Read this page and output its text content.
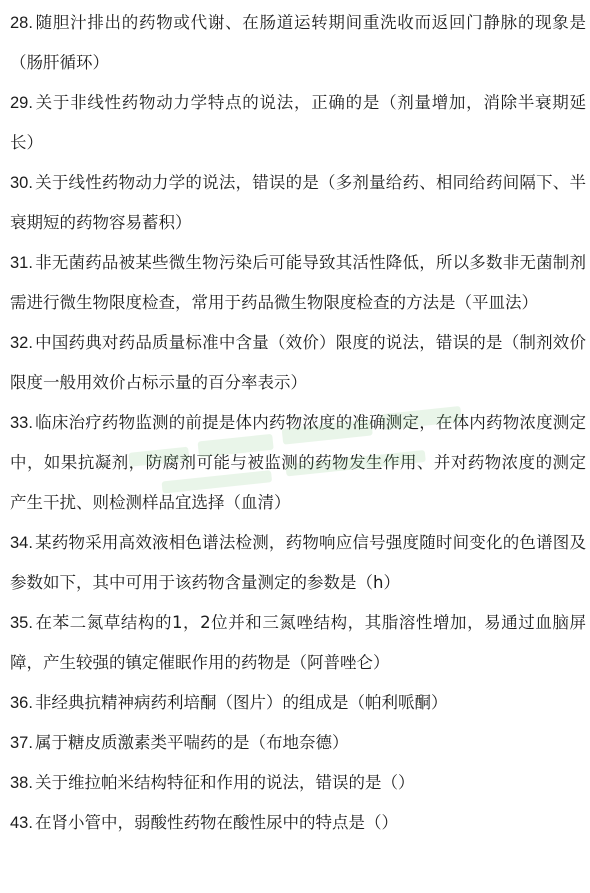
28. 随胆汁排出的药物或代谢、在肠道运转期间重洗收而返回门静脉的现象是（肠肝循环）

29. 关于非线性药物动力学特点的说法，正确的是（剂量增加，消除半衰期延长）

30. 关于线性药物动力学的说法，错误的是（多剂量给药、相同给药间隔下、半衰期短的药物容易蓄积）

31. 非无菌药品被某些微生物污染后可能导致其活性降低，所以多数非无菌制剂需进行微生物限度检查，常用于药品微生物限度检查的方法是（平皿法）

32. 中国药典对药品质量标准中含量（效价）限度的说法，错误的是（制剂效价限度一般用效价占标示量的百分率表示）

33. 临床治疗药物监测的前提是体内药物浓度的准确测定，在体内药物浓度测定中，如果抗凝剂，防腐剂可能与被监测的药物发生作用、并对药物浓度的测定产生干扰、则检测样品宜选择（血清）

34. 某药物采用高效液相色谱法检测，药物响应信号强度随时间变化的色谱图及参数如下，其中可用于该药物含量测定的参数是（h）

35. 在苯二氮草结构的1，2位并和三氮唑结构，其脂溶性增加，易通过血脑屏障，产生较强的镇定催眠作用的药物是（阿普唑仑）

36. 非经典抗精神病药利培酮（图片）的组成是（帕利哌酮）

37. 属于糖皮质激素类平喘药的是（布地奈德）

38. 关于维拉帕米结构特征和作用的说法，错误的是（）

43. 在肾小管中，弱酸性药物在酸性尿中的特点是（）
